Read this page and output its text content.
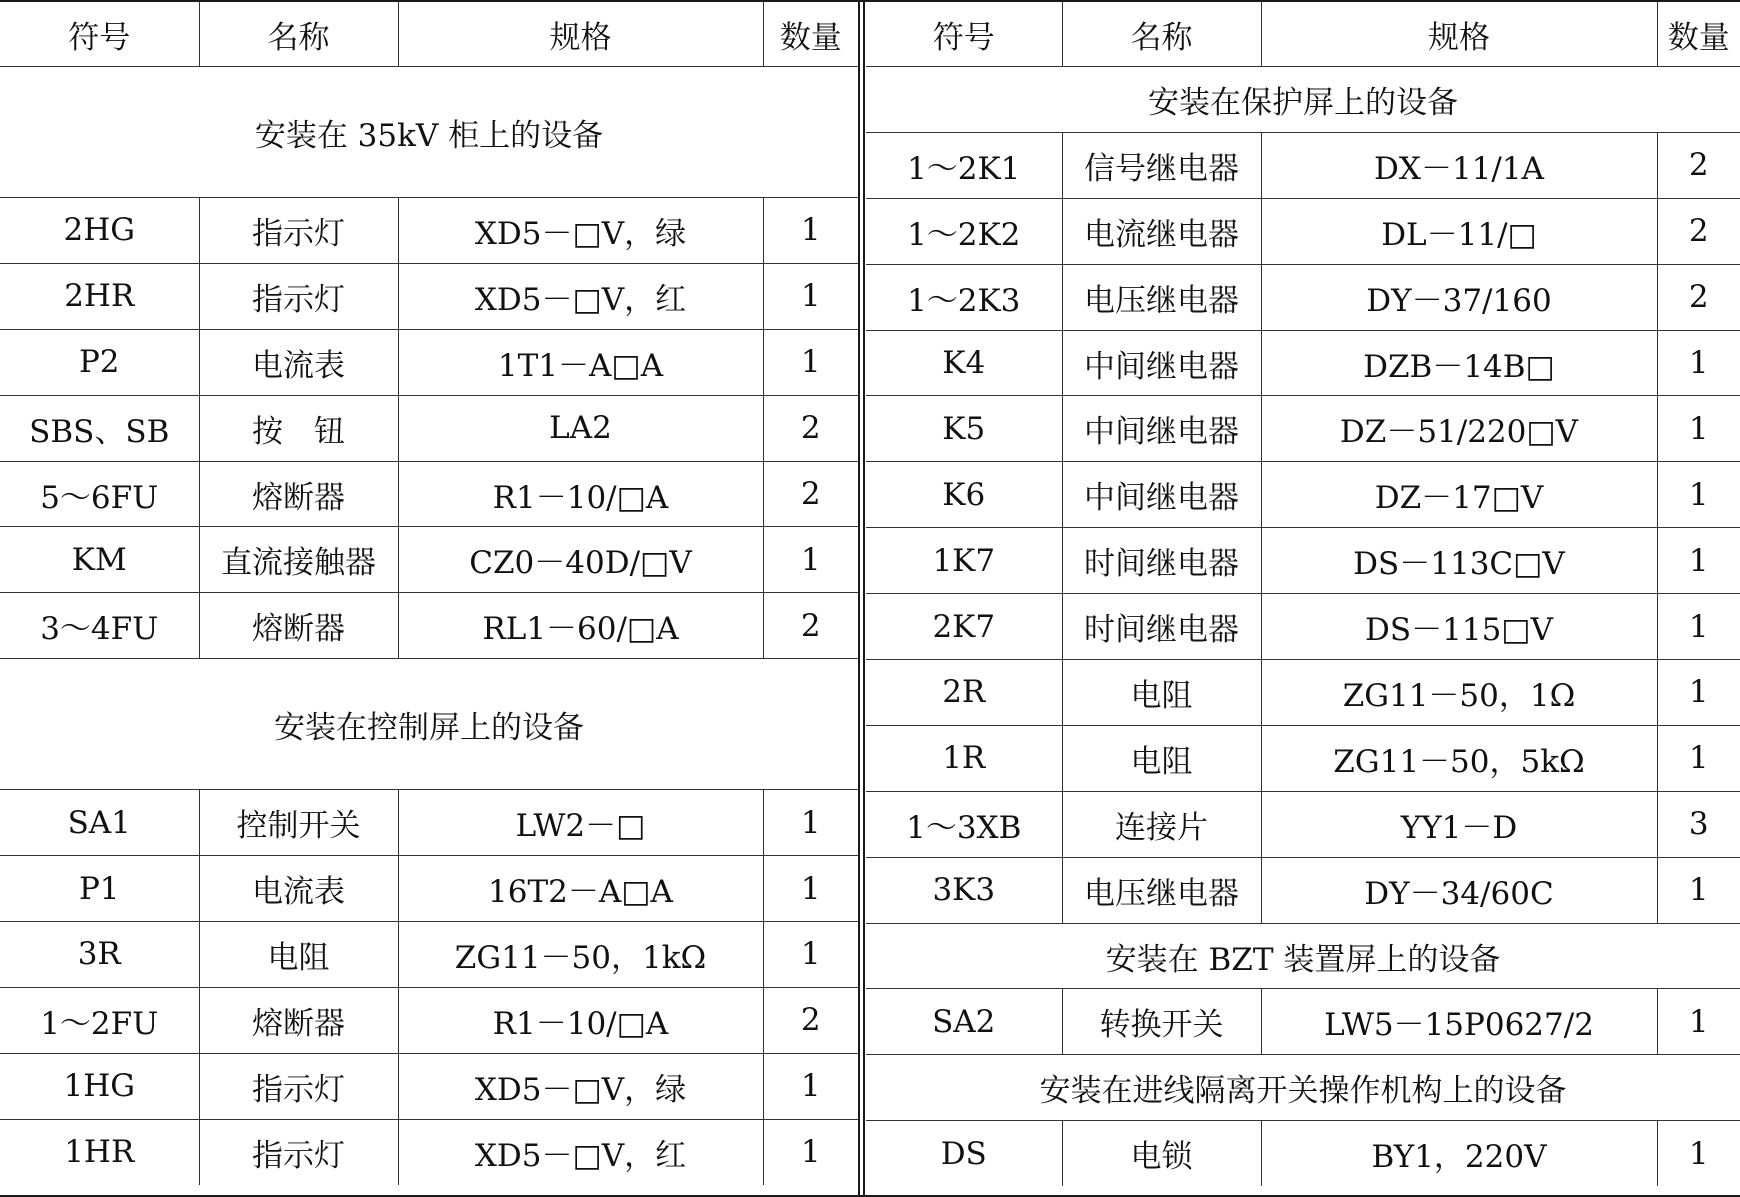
符号	名称	规格	数量
安装在 35kV 柜上的设备			
2HG	指示灯	XD5－□V，绿	1
2HR	指示灯	XD5－□V，红	1
P2	电流表	1T1－A□A	1
SBS、SB	按　钮	LA2	2
5～6FU	熔断器	R1－10/□A	2
KM	直流接触器	CZ0－40D/□V	1
3～4FU	熔断器	RL1－60/□A	2
安装在控制屏上的设备			
SA1	控制开关	LW2－□	1
P1	电流表	16T2－A□A	1
3R	电阻	ZG11－50，1kΩ	1
1～2FU	熔断器	R1－10/□A	2
1HG	指示灯	XD5－□V，绿	1
1HR	指示灯	XD5－□V，红	1
符号	名称	规格	数量
安装在保护屏上的设备			
1～2K1	信号继电器	DX－11/1A	2
1～2K2	电流继电器	DL－11/□	2
1～2K3	电压继电器	DY－37/160	2
K4	中间继电器	DZB－14B□	1
K5	中间继电器	DZ－51/220□V	1
K6	中间继电器	DZ－17□V	1
1K7	时间继电器	DS－113C□V	1
2K7	时间继电器	DS－115□V	1
2R	电阻	ZG11－50，1Ω	1
1R	电阻	ZG11－50，5kΩ	1
1～3XB	连接片	YY1－D	3
3K3	电压继电器	DY－34/60C	1
安装在 BZT 装置屏上的设备			
SA2	转换开关	LW5－15P0627/2	1
安装在进线隔离开关操作机构上的设备			
DS	电锁	BY1，220V	1
